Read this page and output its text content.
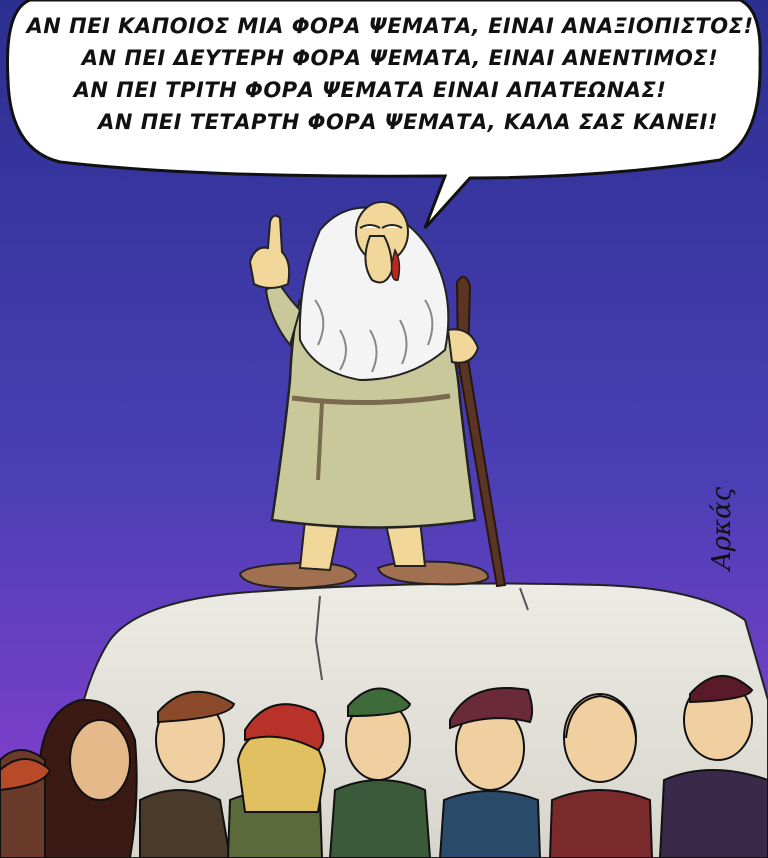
Αρκάς
ΑΝ ΠΕΙ ΚΑΠΟΙΟΣ ΜΙΑ ΦΟΡΑ ΨΕΜΑΤΑ, ΕΙΝΑΙ ΑΝΑΞΙΟΠΙΣΤΟΣ!
ΑΝ ΠΕΙ ΔΕΥΤΕΡΗ ΦΟΡΑ ΨΕΜΑΤΑ, ΕΙΝΑΙ ΑΝΕΝΤΙΜΟΣ!
ΑΝ ΠΕΙ ΤΡΙΤΗ ΦΟΡΑ ΨΕΜΑΤΑ ΕΙΝΑΙ ΑΠΑΤΕΩΝΑΣ!
ΑΝ ΠΕΙ ΤΕΤΑΡΤΗ ΦΟΡΑ ΨΕΜΑΤΑ, ΚΑΛΑ ΣΑΣ ΚΑΝΕΙ!
